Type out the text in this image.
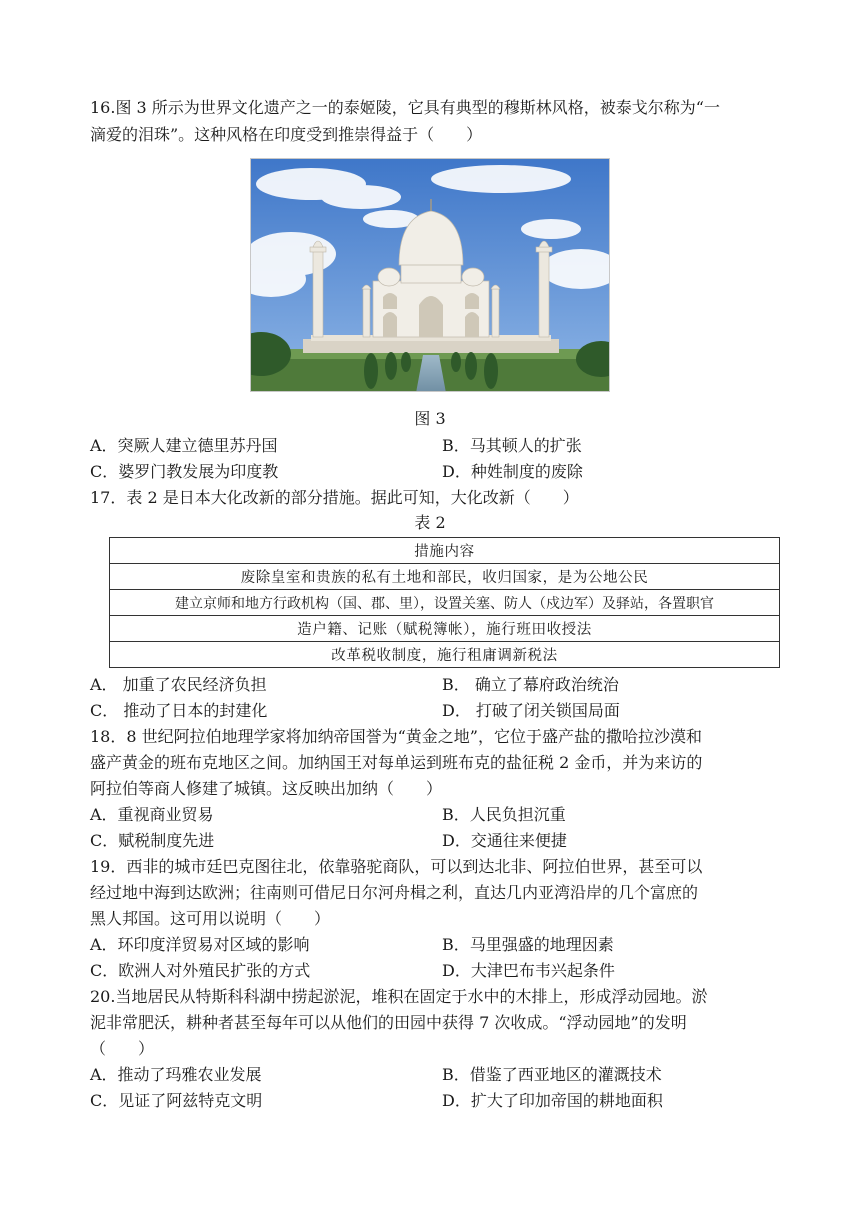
16.图 3 所示为世界文化遗产之一的泰姬陵，它具有典型的穆斯林风格，被泰戈尔称为“一
滴爱的泪珠”。这种风格在印度受到推崇得益于（　　）
图 3
A．突厥人建立德里苏丹国	B．马其顿人的扩张
C．婆罗门教发展为印度教	D．种姓制度的废除
17．表 2 是日本大化改新的部分措施。据此可知，大化改新（　　）
表 2
措施内容
废除皇室和贵族的私有土地和部民，收归国家，是为公地公民
建立京师和地方行政机构（国、郡、里），设置关塞、防人（戍边军）及驿站，各置职官
造户籍、记账（赋税簿帐），施行班田收授法
改革税收制度，施行租庸调新税法
A． 加重了农民经济负担	B． 确立了幕府政治统治
C． 推动了日本的封建化	D． 打破了闭关锁国局面
18．8 世纪阿拉伯地理学家将加纳帝国誉为“黄金之地”，它位于盛产盐的撒哈拉沙漠和
盛产黄金的班布克地区之间。加纳国王对每单运到班布克的盐征税 2 金币，并为来访的
阿拉伯等商人修建了城镇。这反映出加纳（　　）
A．重视商业贸易	B．人民负担沉重
C．赋税制度先进	D．交通往来便捷
19．西非的城市廷巴克图往北，依靠骆驼商队，可以到达北非、阿拉伯世界，甚至可以
经过地中海到达欧洲；往南则可借尼日尔河舟楫之利，直达几内亚湾沿岸的几个富庶的
黑人邦国。这可用以说明（　　）
A．环印度洋贸易对区域的影响	B．马里强盛的地理因素
C．欧洲人对外殖民扩张的方式	D．大津巴布韦兴起条件
20.当地居民从特斯科科湖中捞起淤泥，堆积在固定于水中的木排上，形成浮动园地。淤
泥非常肥沃，耕种者甚至每年可以从他们的田园中获得 7 次收成。“浮动园地”的发明
（　　）
A．推动了玛雅农业发展	B．借鉴了西亚地区的灌溉技术
C．见证了阿兹特克文明	D．扩大了印加帝国的耕地面积
